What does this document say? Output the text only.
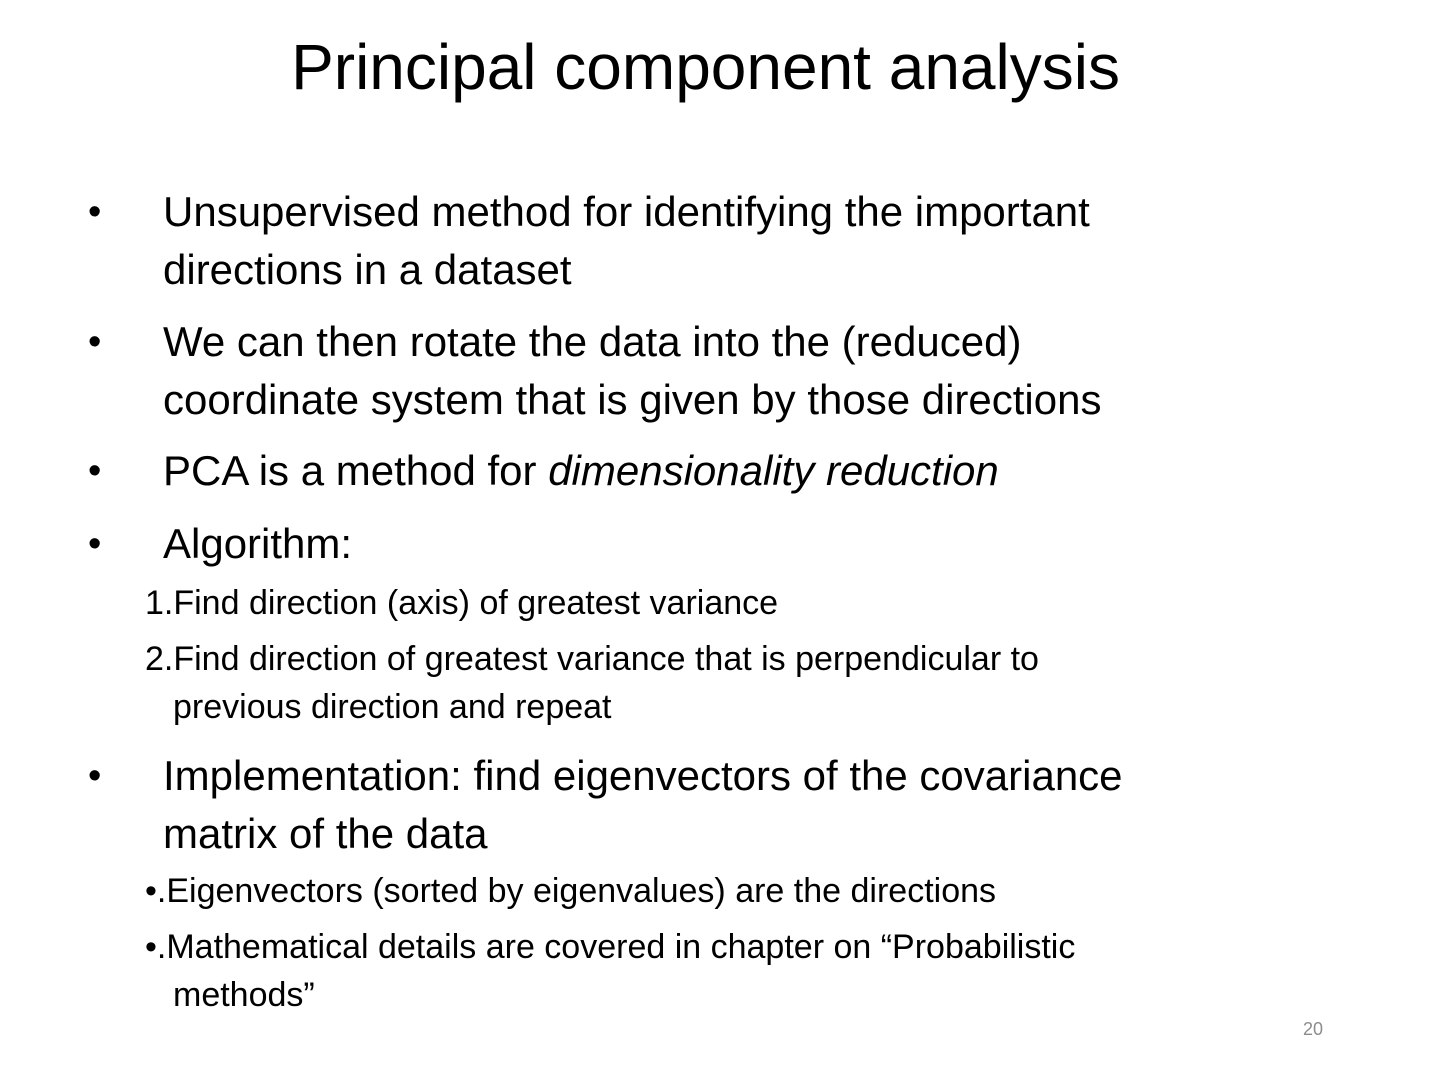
Principal component analysis
•	Unsupervised method for identifying the important
directions in a dataset
•	We can then rotate the data into the (reduced)
coordinate system that is given by those directions
•	PCA is a method for dimensionality reduction
•	Algorithm:
1.Find direction (axis) of greatest variance
2.Find direction of greatest variance that is perpendicular to
previous direction and repeat
•	Implementation: find eigenvectors of the covariance
matrix of the data
•.Eigenvectors (sorted by eigenvalues) are the directions
•.Mathematical details are covered in chapter on “Probabilistic
methods”
20
